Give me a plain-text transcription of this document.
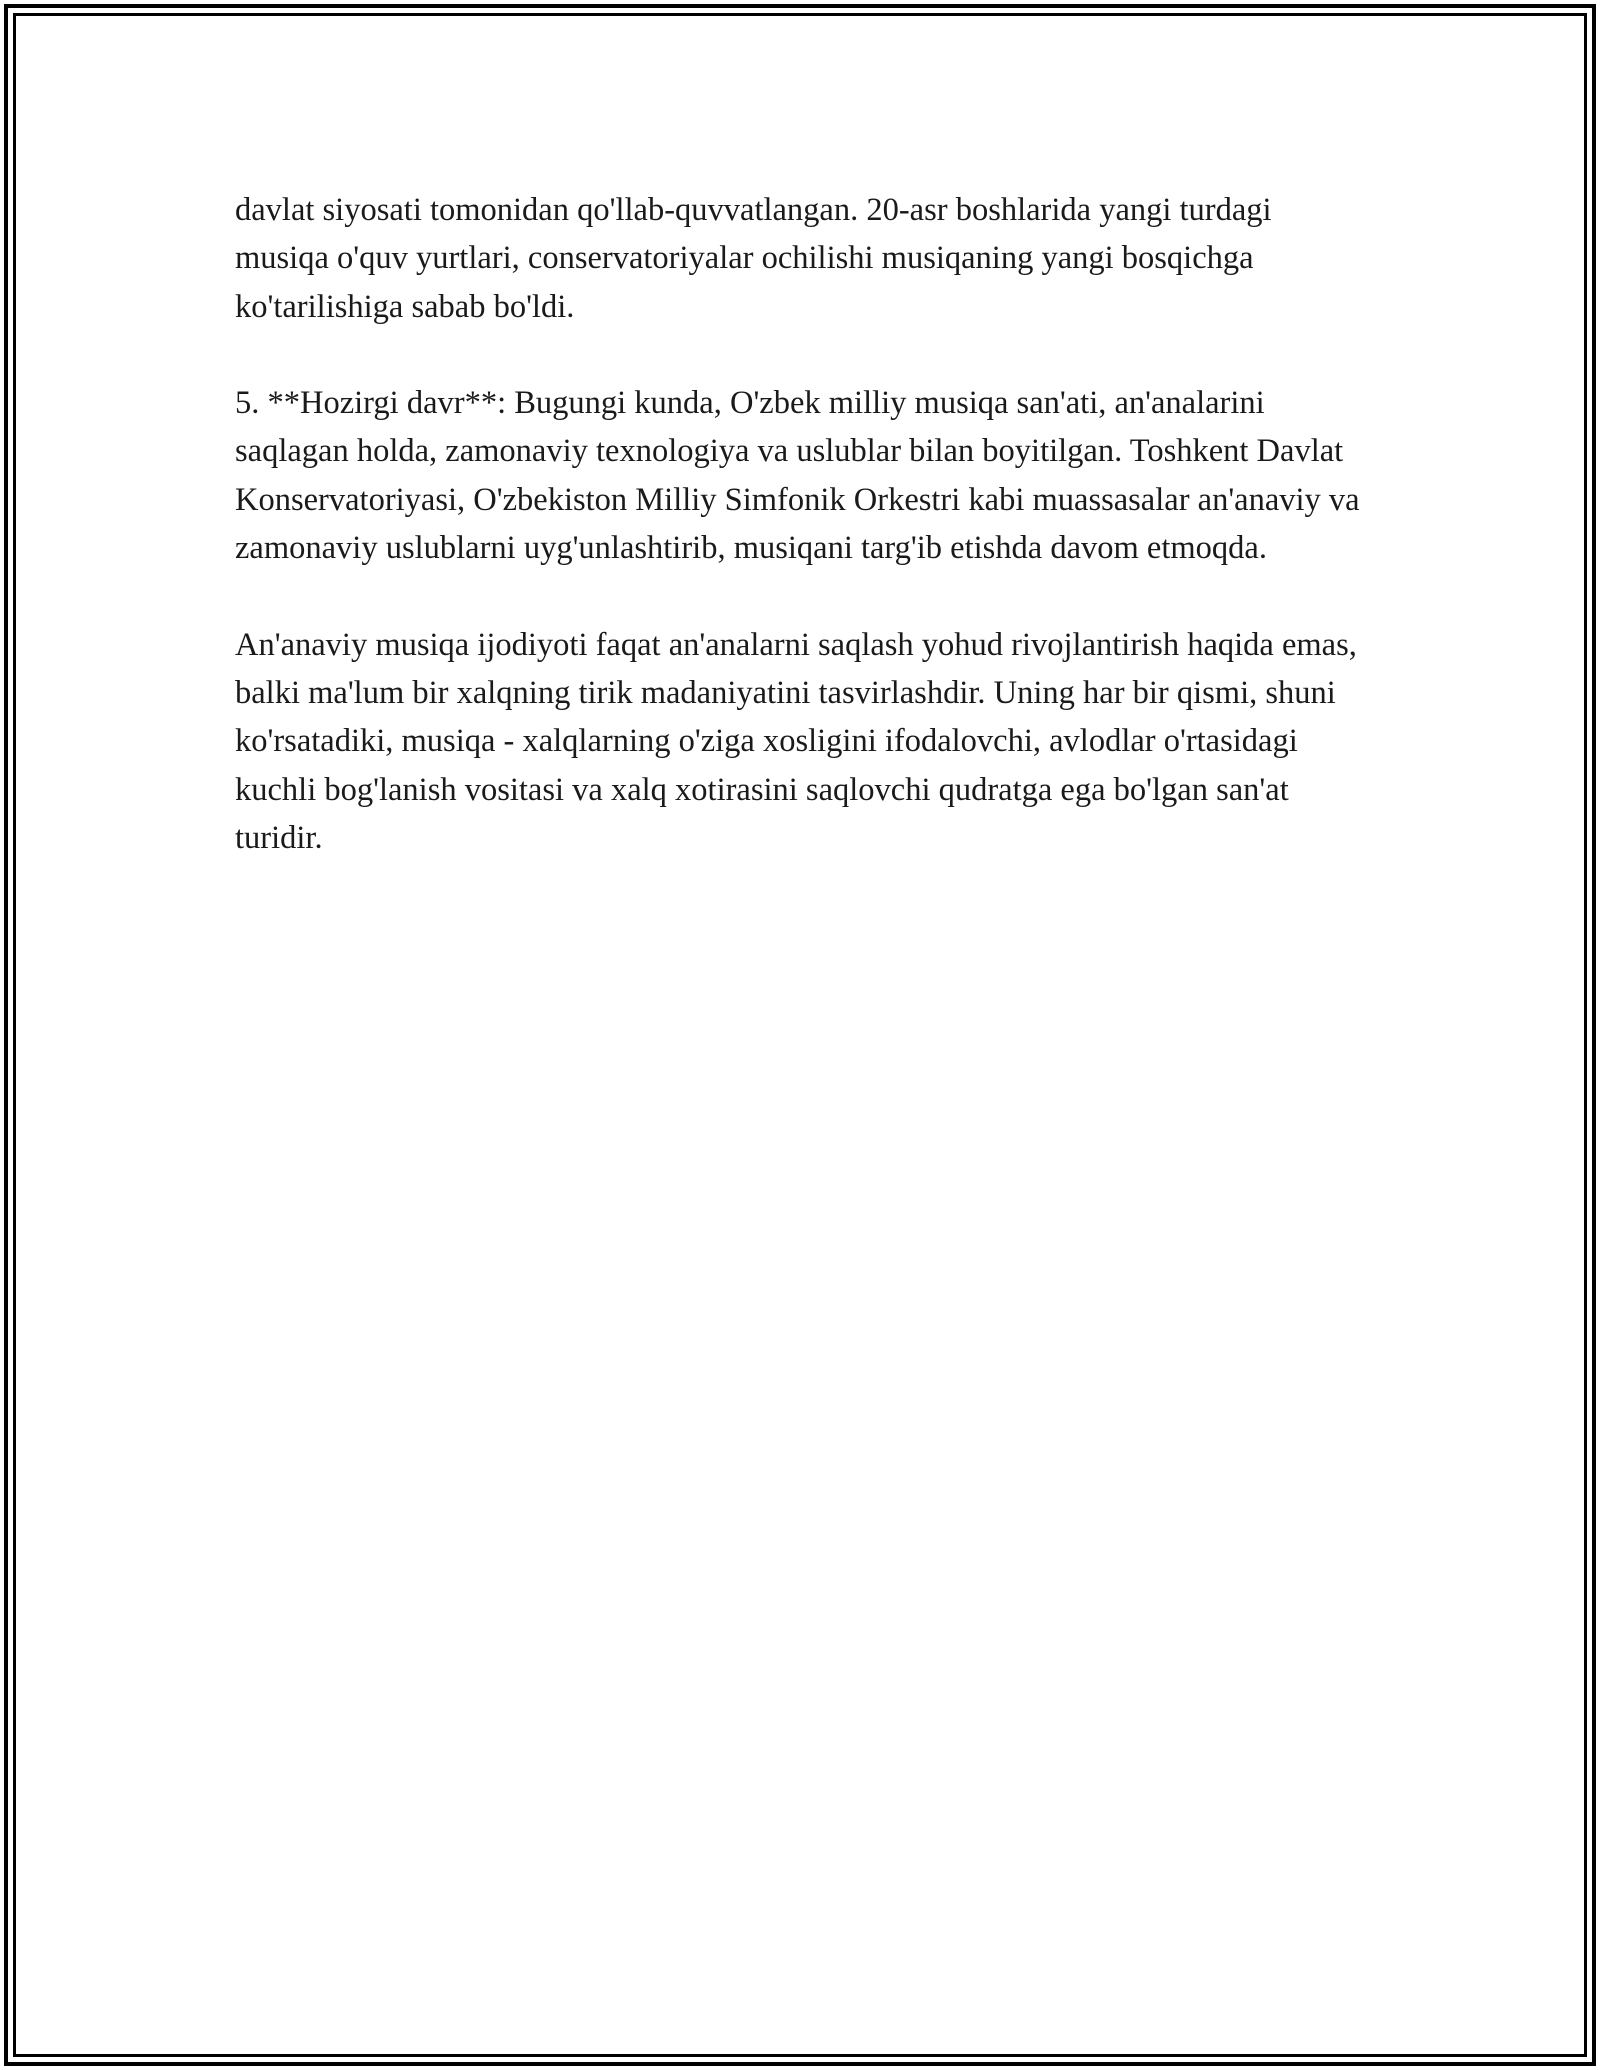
davlat siyosati tomonidan qo'llab-quvvatlangan. 20-asr boshlarida yangi turdagi musiqa o'quv yurtlari, conservatoriyalar ochilishi musiqaning yangi bosqichga ko'tarilishiga sabab bo'ldi.

5. **Hozirgi davr**: Bugungi kunda, O'zbek milliy musiqa san'ati, an'analarini saqlagan holda, zamonaviy texnologiya va uslublar bilan boyitilgan. Toshkent Davlat Konservatoriyasi, O'zbekiston Milliy Simfonik Orkestri kabi muassasalar an'anaviy va zamonaviy uslublarni uyg'unlashtirib, musiqani targ'ib etishda davom etmoqda.

An'anaviy musiqa ijodiyoti faqat an'analarni saqlash yohud rivojlantirish haqida emas, balki ma'lum bir xalqning tirik madaniyatini tasvirlashdir. Uning har bir qismi, shuni ko'rsatadiki, musiqa - xalqlarning o'ziga xosligini ifodalovchi, avlodlar o'rtasidagi kuchli bog'lanish vositasi va xalq xotirasini saqlovchi qudratga ega bo'lgan san'at turidir.
